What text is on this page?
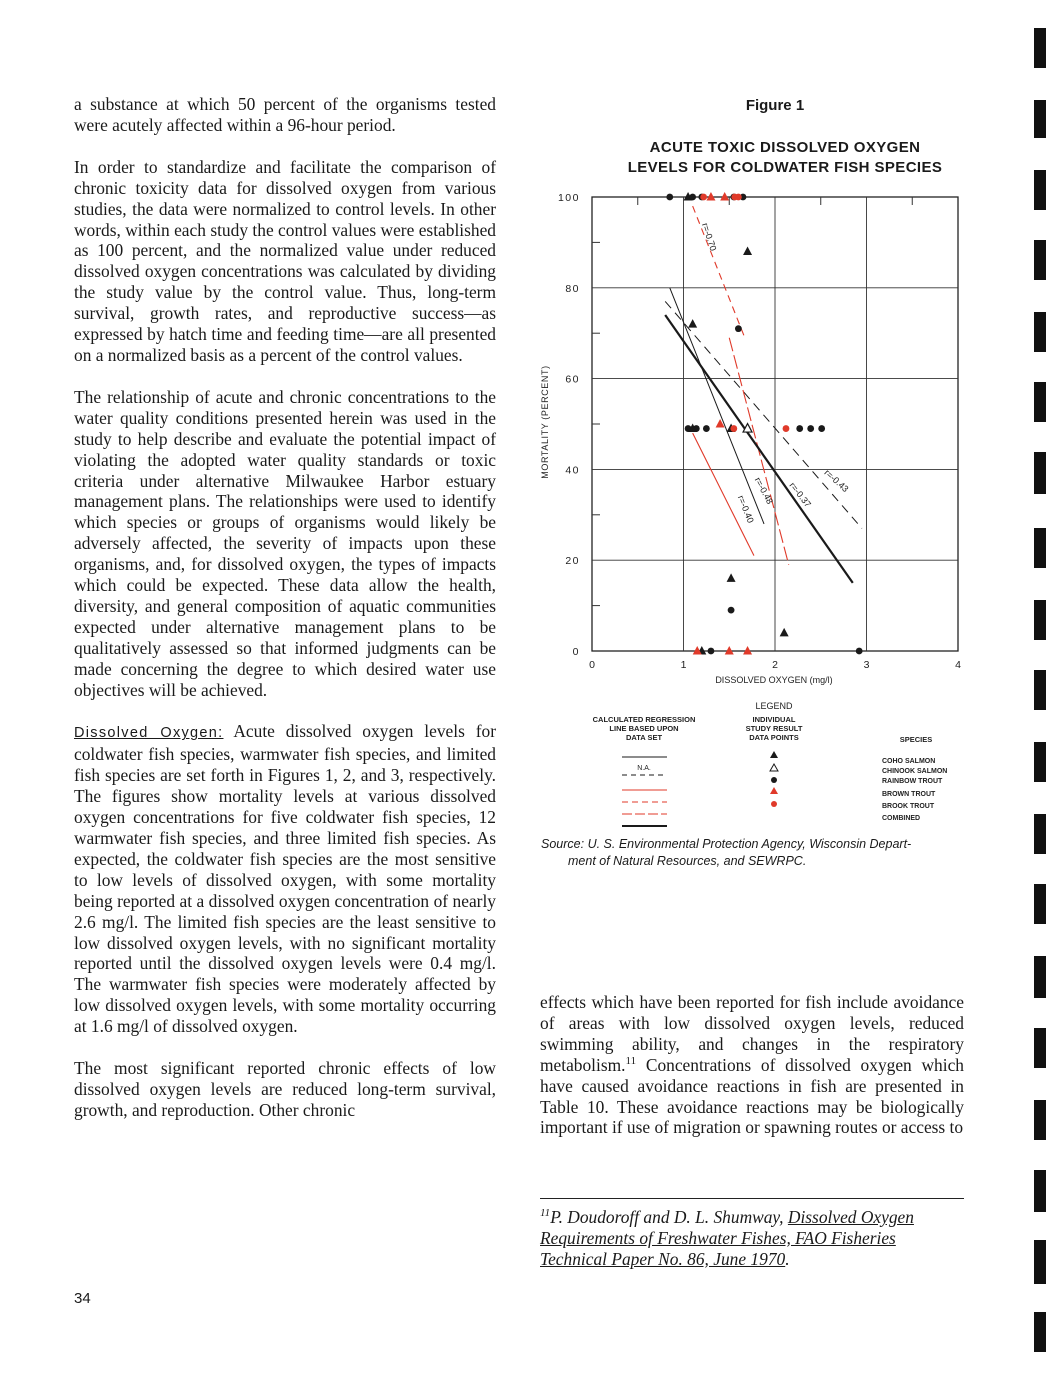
a substance at which 50 percent of the organisms tested were acutely affected within a 96-hour period.

In order to standardize and facilitate the comparison of chronic toxicity data for dissolved oxygen from various studies, the data were normalized to control levels. In other words, within each study the control values were established as 100 percent, and the normalized value under reduced dissolved oxygen concentrations was calculated by dividing the study value by the control value. Thus, long-term survival, growth rates, and reproductive success—as expressed by hatch time and feeding time—are all presented on a normalized basis as a percent of the control values.

The relationship of acute and chronic concentrations to the water quality conditions presented herein was used in the study to help describe and evaluate the potential impact of violating the adopted water quality standards or toxic criteria under alternative Milwaukee Harbor estuary management plans. The relationships were used to identify which species or groups of organisms would likely be adversely affected, the severity of impacts upon these organisms, and, for dissolved oxygen, the types of impacts which could be expected. These data allow the health, diversity, and general composition of aquatic communities expected under alternative management plans to be qualitatively assessed so that informed judgments can be made concerning the degree to which desired water use objectives will be achieved.

Dissolved Oxygen: Acute dissolved oxygen levels for coldwater fish species, warmwater fish species, and limited fish species are set forth in Figures 1, 2, and 3, respectively. The figures show mortality levels at various dissolved oxygen concentrations for five coldwater fish species, 12 warmwater fish species, and three limited fish species. As expected, the coldwater fish species are the most sensitive to low levels of dissolved oxygen, with some mortality being reported at a dissolved oxygen concentration of nearly 2.6 mg/l. The limited fish species are the least sensitive to low dissolved oxygen levels, with no significant mortality reported until the dissolved oxygen levels were 0.4 mg/l. The warmwater fish species were moderately affected by low dissolved oxygen levels, with some mortality occurring at 1.6 mg/l of dissolved oxygen.

The most significant reported chronic effects of low dissolved oxygen levels are reduced long-term survival, growth, and reproduction. Other chronic

34
Figure 1
ACUTE TOXIC DISSOLVED OXYGEN
LEVELS FOR COLDWATER FISH SPECIES
0
20
40
60
80
100
0	1	2	3	4
r=-0.48	r=-0.43
r=-0.40
r=-0.70
r=-0.37
MORTALITY (PERCENT)
DISSOLVED OXYGEN (mg/l)
LEGEND
CALCULATED REGRESSION
LINE BASED UPON
DATA SET
INDIVIDUAL
STUDY RESULT
DATA POINTS	SPECIES
N.A.
COHO SALMON
CHINOOK SALMON
RAINBOW TROUT
BROWN TROUT
BROOK TROUT
COMBINED
Source: U. S. Environmental Protection Agency, Wisconsin Depart-
ment of Natural Resources, and SEWRPC.

effects which have been reported for fish include avoidance of areas with low dissolved oxygen levels, reduced swimming ability, and changes in the respiratory metabolism.$^{11}$ Concentrations of dissolved oxygen which have caused avoidance reactions in fish are presented in Table 10. These avoidance reactions may be biologically important if use of migration or spawning routes or access to

$^{11}$P. Doudoroff and D. L. Shumway, Dissolved Oxygen Requirements of Freshwater Fishes, FAO Fisheries Technical Paper No. 86, June 1970.
